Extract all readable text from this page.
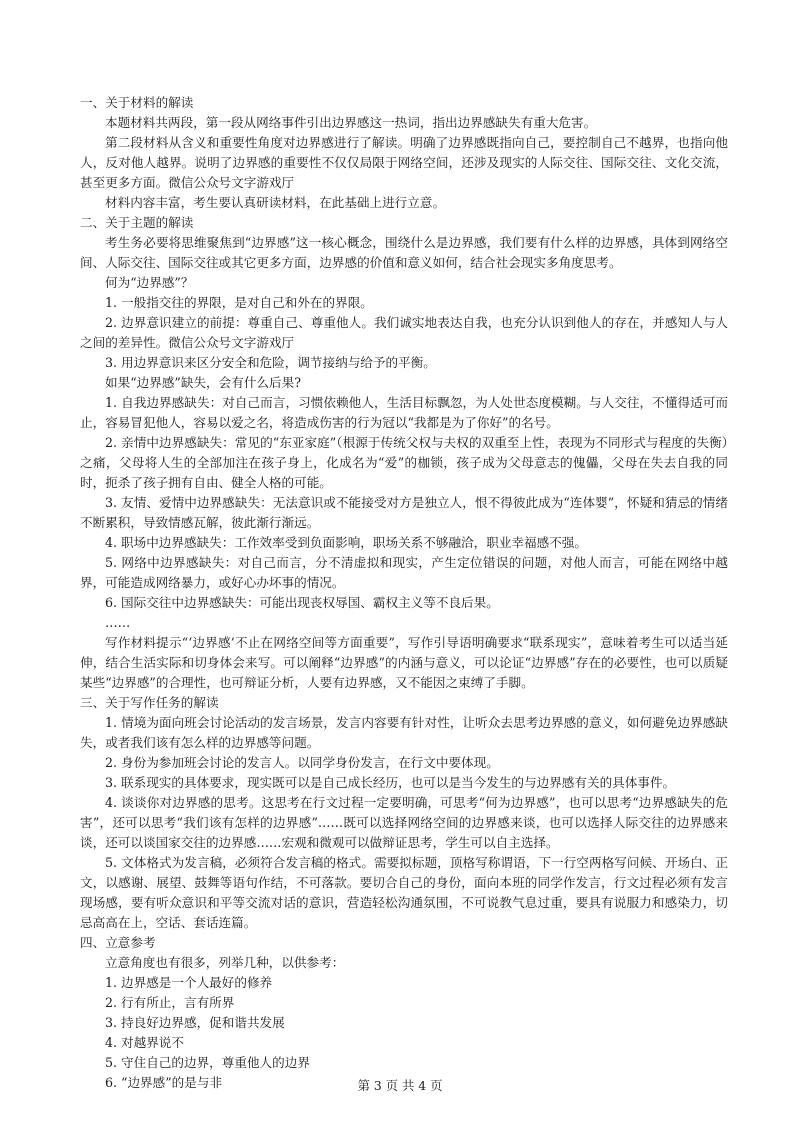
一、关于材料的解读

本题材料共两段，第一段从网络事件引出边界感这一热词，指出边界感缺失有重大危害。

第二段材料从含义和重要性角度对边界感进行了解读。明确了边界感既指向自己，要控制自己不越界，也指向他人，反对他人越界。说明了边界感的重要性不仅仅局限于网络空间，还涉及现实的人际交往、国际交往、文化交流，甚至更多方面。微信公众号文字游戏厅

材料内容丰富，考生要认真研读材料，在此基础上进行立意。

二、关于主题的解读

考生务必要将思维聚焦到“边界感”这一核心概念，围绕什么是边界感，我们要有什么样的边界感，具体到网络空间、人际交往、国际交往或其它更多方面，边界感的价值和意义如何，结合社会现实多角度思考。

何为“边界感”？

1. 一般指交往的界限，是对自己和外在的界限。

2. 边界意识建立的前提：尊重自己、尊重他人。我们诚实地表达自我，也充分认识到他人的存在，并感知人与人之间的差异性。微信公众号文字游戏厅

3. 用边界意识来区分安全和危险，调节接纳与给予的平衡。

如果“边界感”缺失，会有什么后果?

1. 自我边界感缺失：对自己而言，习惯依赖他人，生活目标飘忽，为人处世态度模糊。与人交往，不懂得适可而止，容易冒犯他人，容易以爱之名，将造成伤害的行为冠以“我都是为了你好”的名号。

2. 亲情中边界感缺失：常见的“东亚家庭”（根源于传统父权与夫权的双重至上性，表现为不同形式与程度的失衡）之痛，父母将人生的全部加注在孩子身上，化成名为“爱”的枷锁，孩子成为父母意志的傀儡，父母在失去自我的同时，扼杀了孩子拥有自由、健全人格的可能。

3. 友情、爱情中边界感缺失：无法意识或不能接受对方是独立人，恨不得彼此成为“连体婴”，怀疑和猜忌的情绪不断累积，导致情感瓦解，彼此渐行渐远。

4. 职场中边界感缺失：工作效率受到负面影响，职场关系不够融洽，职业幸福感不强。

5. 网络中边界感缺失：对自己而言，分不清虚拟和现实，产生定位错误的问题，对他人而言，可能在网络中越界，可能造成网络暴力，或好心办坏事的情况。

6. 国际交往中边界感缺失：可能出现丧权辱国、霸权主义等不良后果。

……

写作材料提示“‘边界感’不止在网络空间等方面重要”，写作引导语明确要求“联系现实”，意味着考生可以适当延伸，结合生活实际和切身体会来写。可以阐释“边界感”的内涵与意义，可以论证“边界感”存在的必要性，也可以质疑某些“边界感”的合理性，也可辩证分析，人要有边界感，又不能因之束缚了手脚。

三、关于写作任务的解读

1. 情境为面向班会讨论活动的发言场景，发言内容要有针对性，让听众去思考边界感的意义，如何避免边界感缺失，或者我们该有怎么样的边界感等问题。

2. 身份为参加班会讨论的发言人。以同学身份发言，在行文中要体现。

3. 联系现实的具体要求，现实既可以是自己成长经历，也可以是当今发生的与边界感有关的具体事件。

4. 谈谈你对边界感的思考。这思考在行文过程一定要明确，可思考“何为边界感”，也可以思考“边界感缺失的危害”，还可以思考“我们该有怎样的边界感”……既可以选择网络空间的边界感来谈，也可以选择人际交往的边界感来谈，还可以谈国家交往的边界感……宏观和微观可以做辩证思考，学生可以自主选择。

5. 文体格式为发言稿，必须符合发言稿的格式。需要拟标题，顶格写称谓语，下一行空两格写问候、开场白、正文，以感谢、展望、鼓舞等语句作结，不可落款。要切合自己的身份，面向本班的同学作发言，行文过程必须有发言现场感，要有听众意识和平等交流对话的意识，营造轻松沟通氛围，不可说教气息过重，要具有说服力和感染力，切忌高高在上，空话、套话连篇。

四、立意参考

立意角度也有很多，列举几种，以供参考：

1. 边界感是一个人最好的修养

2. 行有所止，言有所界

3. 持良好边界感，促和谐共发展

4. 对越界说不

5. 守住自己的边界，尊重他人的边界

6. “边界感”的是与非	第 3 页 共 4 页
